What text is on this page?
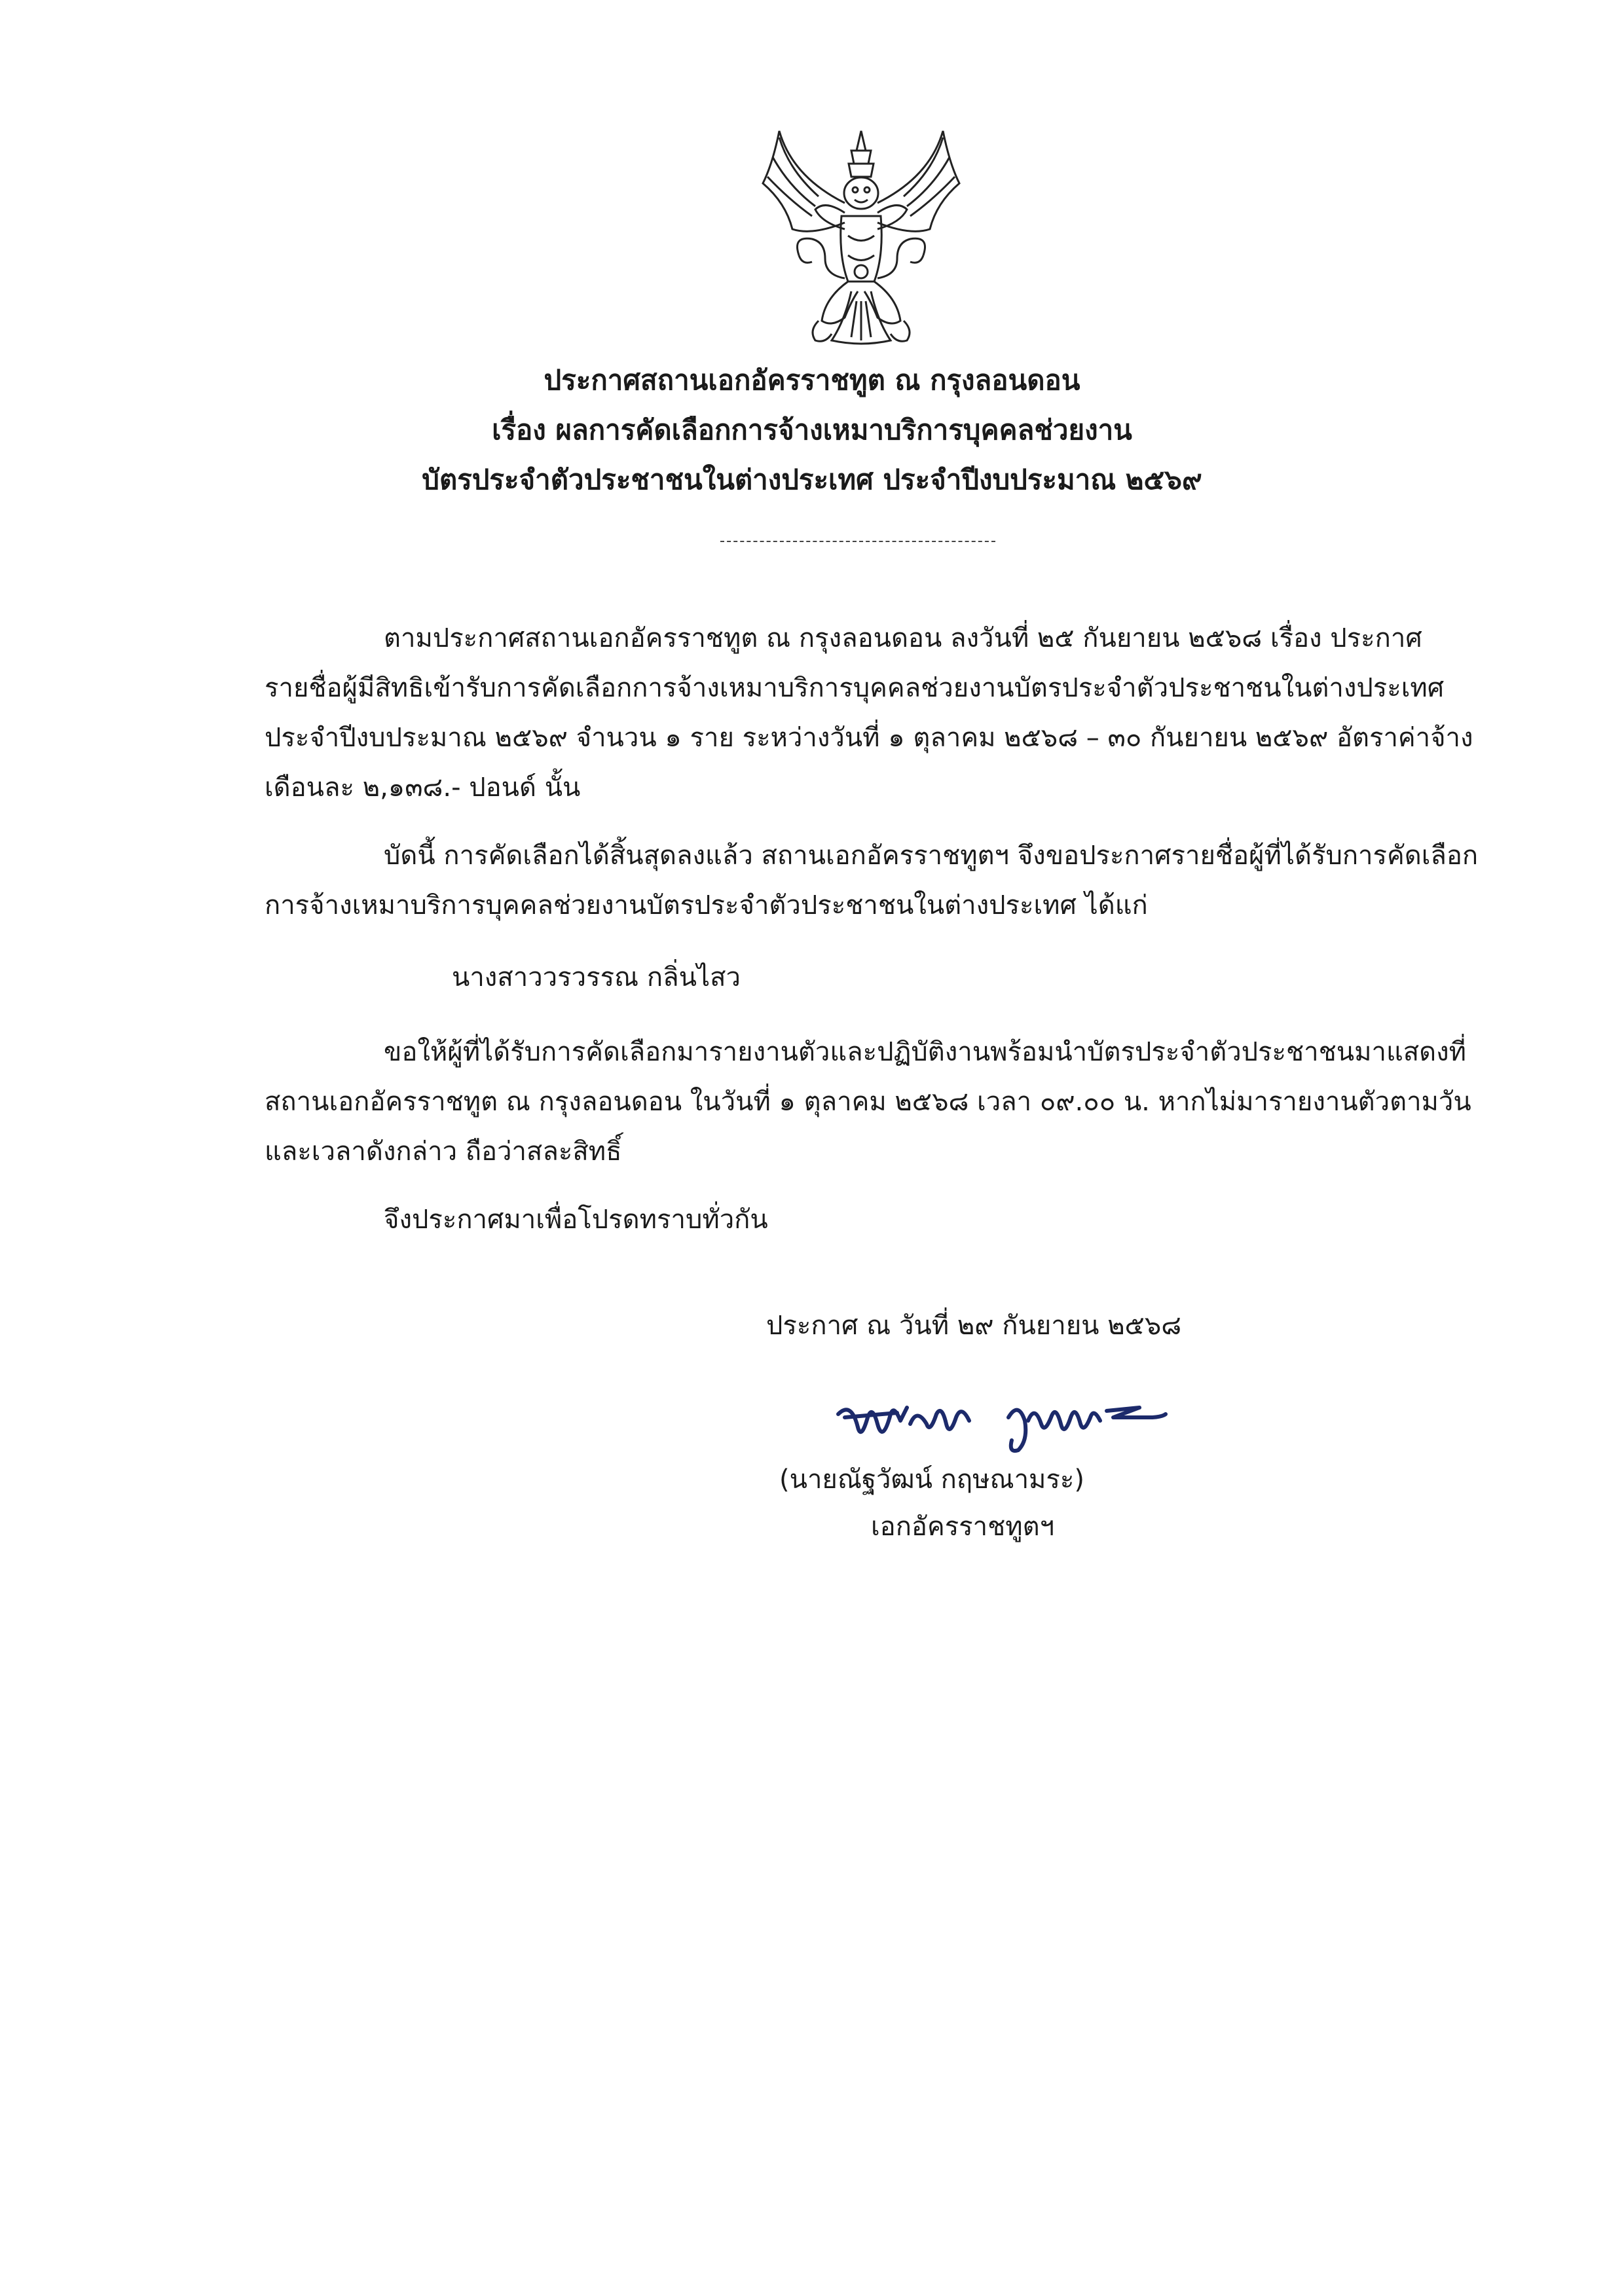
ประกาศสถานเอกอัครราชทูต ณ กรุงลอนดอน
เรื่อง ผลการคัดเลือกการจ้างเหมาบริการบุคคลช่วยงาน
บัตรประจำตัวประชาชนในต่างประเทศ ประจำปีงบประมาณ ๒๕๖๙
ตามประกาศสถานเอกอัครราชทูต ณ กรุงลอนดอน ลงวันที่ ๒๕ กันยายน ๒๕๖๘ เรื่อง ประกาศ
รายชื่อผู้มีสิทธิเข้ารับการคัดเลือกการจ้างเหมาบริการบุคคลช่วยงานบัตรประจำตัวประชาชนในต่างประเทศ
ประจำปีงบประมาณ ๒๕๖๙ จำนวน ๑ ราย ระหว่างวันที่ ๑ ตุลาคม ๒๕๖๘ – ๓๐ กันยายน ๒๕๖๙ อัตราค่าจ้าง
เดือนละ ๒,๑๓๘.- ปอนด์ นั้น
บัดนี้ การคัดเลือกได้สิ้นสุดลงแล้ว สถานเอกอัครราชทูตฯ จึงขอประกาศรายชื่อผู้ที่ได้รับการคัดเลือก
การจ้างเหมาบริการบุคคลช่วยงานบัตรประจำตัวประชาชนในต่างประเทศ ได้แก่
นางสาววรวรรณ กลิ่นไสว
ขอให้ผู้ที่ได้รับการคัดเลือกมารายงานตัวและปฏิบัติงานพร้อมนำบัตรประจำตัวประชาชนมาแสดงที่
สถานเอกอัครราชทูต ณ กรุงลอนดอน ในวันที่ ๑ ตุลาคม ๒๕๖๘ เวลา ๐๙.๐๐ น. หากไม่มารายงานตัวตามวัน
และเวลาดังกล่าว ถือว่าสละสิทธิ์
จึงประกาศมาเพื่อโปรดทราบทั่วกัน
ประกาศ ณ วันที่ ๒๙ กันยายน ๒๕๖๘
(นายณัฐวัฒน์ กฤษณามระ)
เอกอัครราชทูตฯ
